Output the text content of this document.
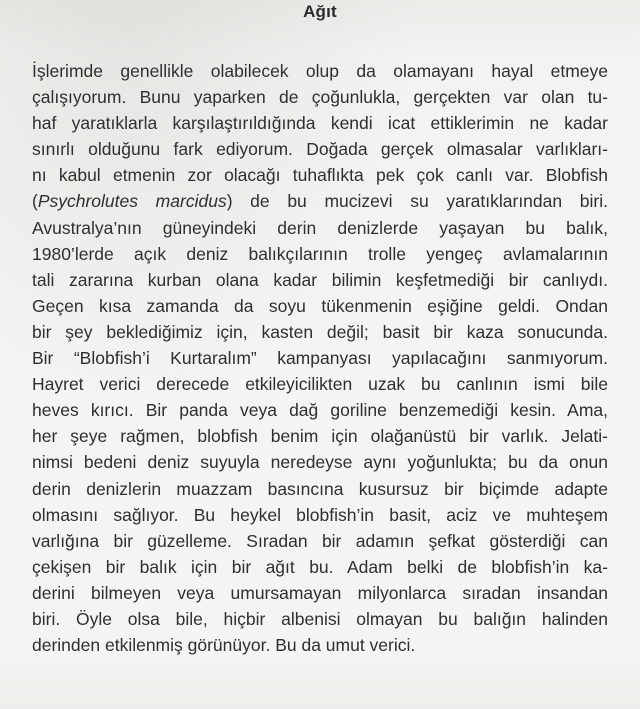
Ağıt
İşlerimde genellikle olabilecek olup da olamayanı hayal etmeye
çalışıyorum. Bunu yaparken de çoğunlukla, gerçekten var olan tu-
haf yaratıklarla karşılaştırıldığında kendi icat ettiklerimin ne kadar
sınırlı olduğunu fark ediyorum. Doğada gerçek olmasalar varlıkları-
nı kabul etmenin zor olacağı tuhaflıkta pek çok canlı var. Blobfish
(Psychrolutes marcidus) de bu mucizevi su yaratıklarından biri.
Avustralya’nın güneyindeki derin denizlerde yaşayan bu balık,
1980’lerde açık deniz balıkçılarının trolle yengeç avlamalarının
tali zararına kurban olana kadar bilimin keşfetmediği bir canlıydı.
Geçen kısa zamanda da soyu tükenmenin eşiğine geldi. Ondan
bir şey beklediğimiz için, kasten değil; basit bir kaza sonucunda.
Bir “Blobfish’i Kurtaralım” kampanyası yapılacağını sanmıyorum.
Hayret verici derecede etkileyicilikten uzak bu canlının ismi bile
heves kırıcı. Bir panda veya dağ goriline benzemediği kesin. Ama,
her şeye rağmen, blobfish benim için olağanüstü bir varlık. Jelati-
nimsi bedeni deniz suyuyla neredeyse aynı yoğunlukta; bu da onun
derin denizlerin muazzam basıncına kusursuz bir biçimde adapte
olmasını sağlıyor. Bu heykel blobfish’in basit, aciz ve muhteşem
varlığına bir güzelleme. Sıradan bir adamın şefkat gösterdiği can
çekişen bir balık için bir ağıt bu. Adam belki de blobfish’in ka-
derini bilmeyen veya umursamayan milyonlarca sıradan insandan
biri. Öyle olsa bile, hiçbir albenisi olmayan bu balığın halinden
derinden etkilenmiş görünüyor. Bu da umut verici.
